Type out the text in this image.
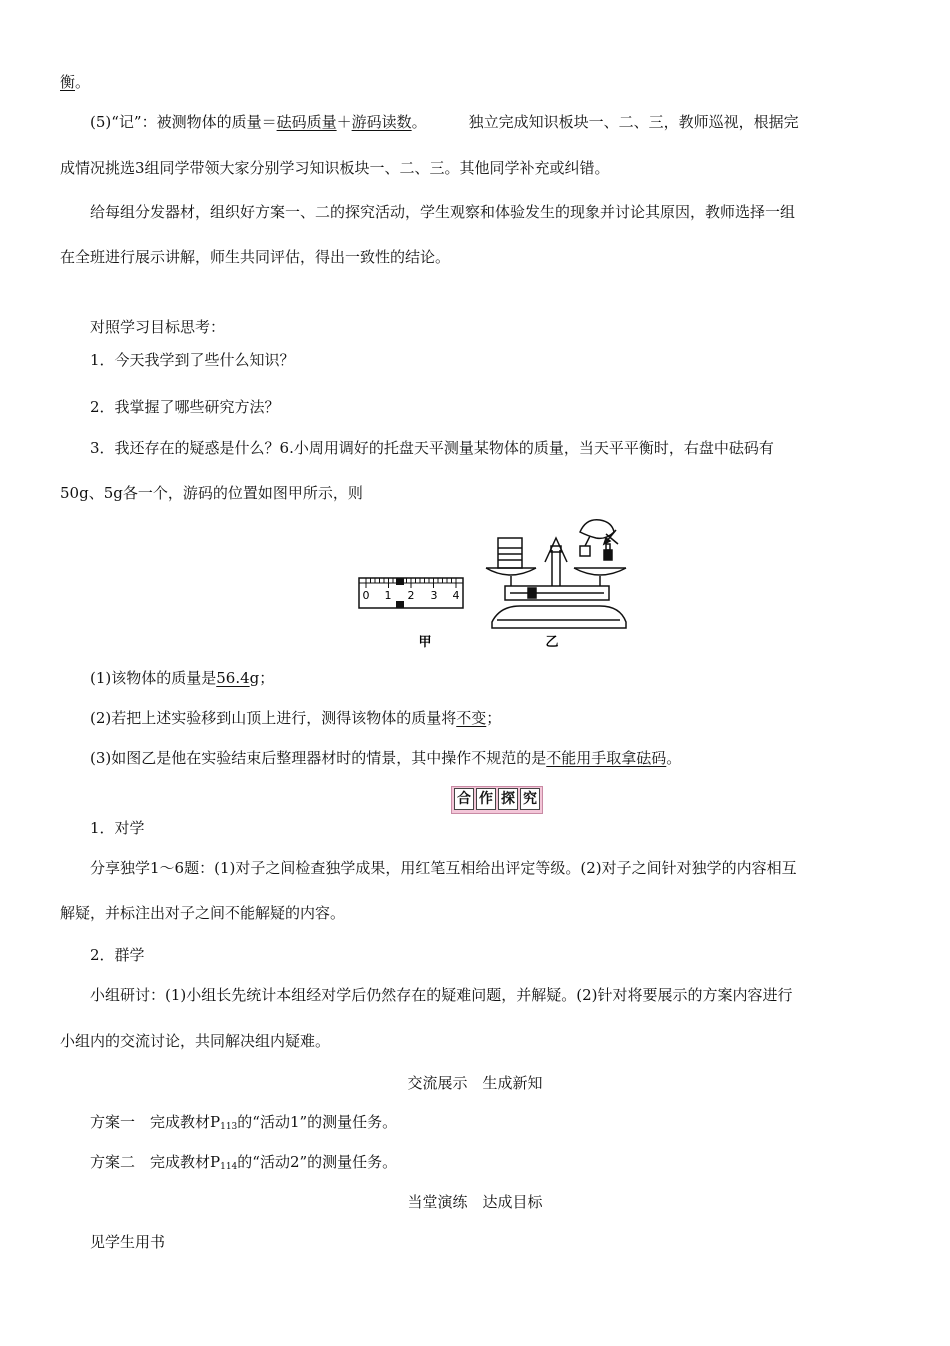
衡。
(5)“记”：被测物体的质量＝砝码质量＋游码读数。	独立完成知识板块一、二、三，教师巡视，根据完
成情况挑选3组同学带领大家分别学习知识板块一、二、三。其他同学补充或纠错。
给每组分发器材，组织好方案一、二的探究活动，学生观察和体验发生的现象并讨论其原因，教师选择一组
在全班进行展示讲解，师生共同评估，得出一致性的结论。
对照学习目标思考：
1．今天我学到了些什么知识？
2．我掌握了哪些研究方法？
3．我还存在的疑惑是什么？6.小周用调好的托盘天平测量某物体的质量，当天平平衡时，右盘中砝码有
50g、5g各一个，游码的位置如图甲所示，则
0 1 2 3 4
甲	乙
(1)该物体的质量是56.4g；
(2)若把上述实验移到山顶上进行，测得该物体的质量将不变；
(3)如图乙是他在实验结束后整理器材时的情景，其中操作不规范的是不能用手取拿砝码。
合 作 探 究
1．对学
分享独学1～6题：(1)对子之间检查独学成果，用红笔互相给出评定等级。(2)对子之间针对独学的内容相互
解疑，并标注出对子之间不能解疑的内容。
2．群学
小组研讨：(1)小组长先统计本组经对学后仍然存在的疑难问题，并解疑。(2)针对将要展示的方案内容进行
小组内的交流讨论，共同解决组内疑难。
交流展示　生成新知
方案一　完成教材$P_{113}$的“活动1”的测量任务。
方案二　完成教材$P_{114}$的“活动2”的测量任务。
当堂演练　达成目标
见学生用书
